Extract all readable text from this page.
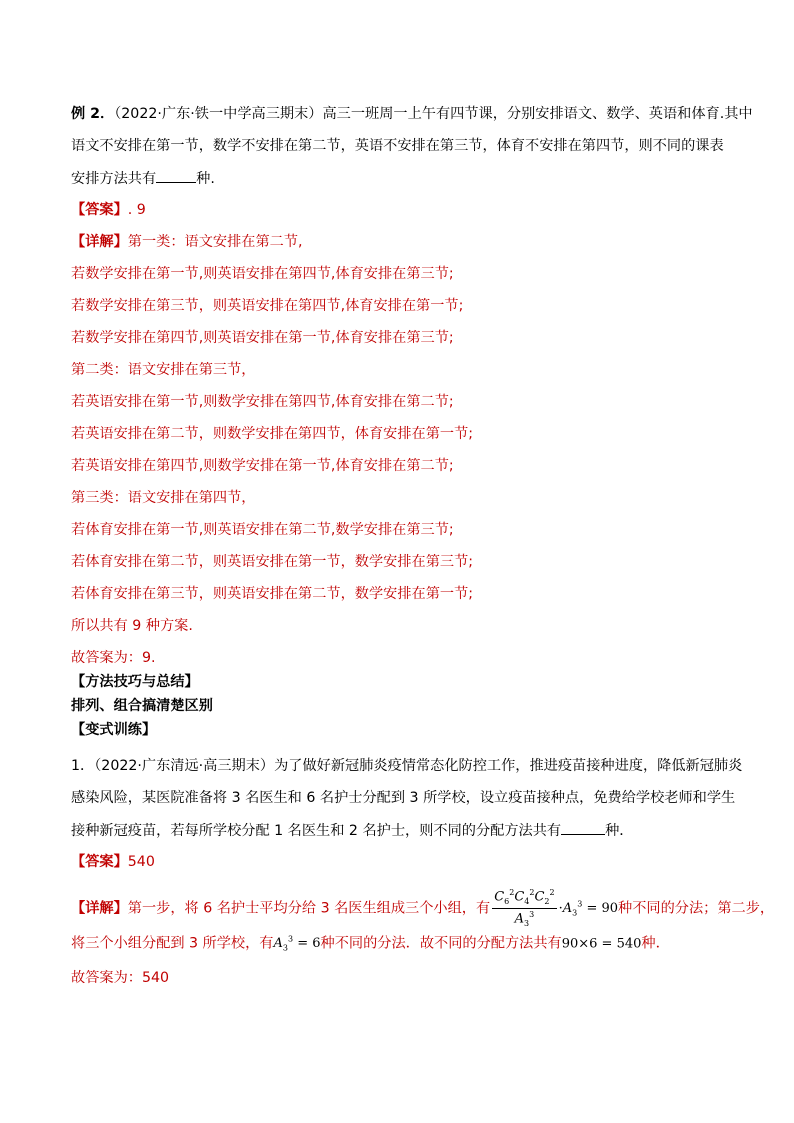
例 2．（2022·广东·铁一中学高三期末）高三一班周一上午有四节课，分别安排语文、数学、英语和体育.其中
语文不安排在第一节，数学不安排在第二节，英语不安排在第三节，体育不安排在第四节，则不同的课表
安排方法共有	种.
【答案】. 9
【详解】第一类：语文安排在第二节,
若数学安排在第一节,则英语安排在第四节,体育安排在第三节;
若数学安排在第三节，则英语安排在第四节,体育安排在第一节;
若数学安排在第四节,则英语安排在第一节,体育安排在第三节;
第二类：语文安排在第三节，
若英语安排在第一节,则数学安排在第四节,体育安排在第二节;
若英语安排在第二节，则数学安排在第四节，体育安排在第一节;
若英语安排在第四节,则数学安排在第一节,体育安排在第二节;
第三类：语文安排在第四节，
若体育安排在第一节,则英语安排在第二节,数学安排在第三节;
若体育安排在第二节，则英语安排在第一节，数学安排在第三节;
若体育安排在第三节，则英语安排在第二节，数学安排在第一节;
所以共有 9 种方案.
故答案为：9.
【方法技巧与总结】
排列、组合搞清楚区别
【变式训练】
1．（2022·广东清远·高三期末）为了做好新冠肺炎疫情常态化防控工作，推进疫苗接种进度，降低新冠肺炎
感染风险，某医院准备将 3 名医生和 6 名护士分配到 3 所学校，设立疫苗接种点，免费给学校老师和学生
接种新冠疫苗，若每所学校分配 1 名医生和 2 名护士，则不同的分配方法共有	种．
【答案】540
【详解】第一步，将 6 名护士平均分给 3 名医生组成三个小组，有 $\frac{C_6^2C_4^2C_2^2}{A_3^3} \cdot A_3^3 = 90$种不同的分法；第二步，
将三个小组分配到 3 所学校，有$A_3^3 = 6$种不同的分法．故不同的分配方法共有90×6 = 540种．
故答案为：540
